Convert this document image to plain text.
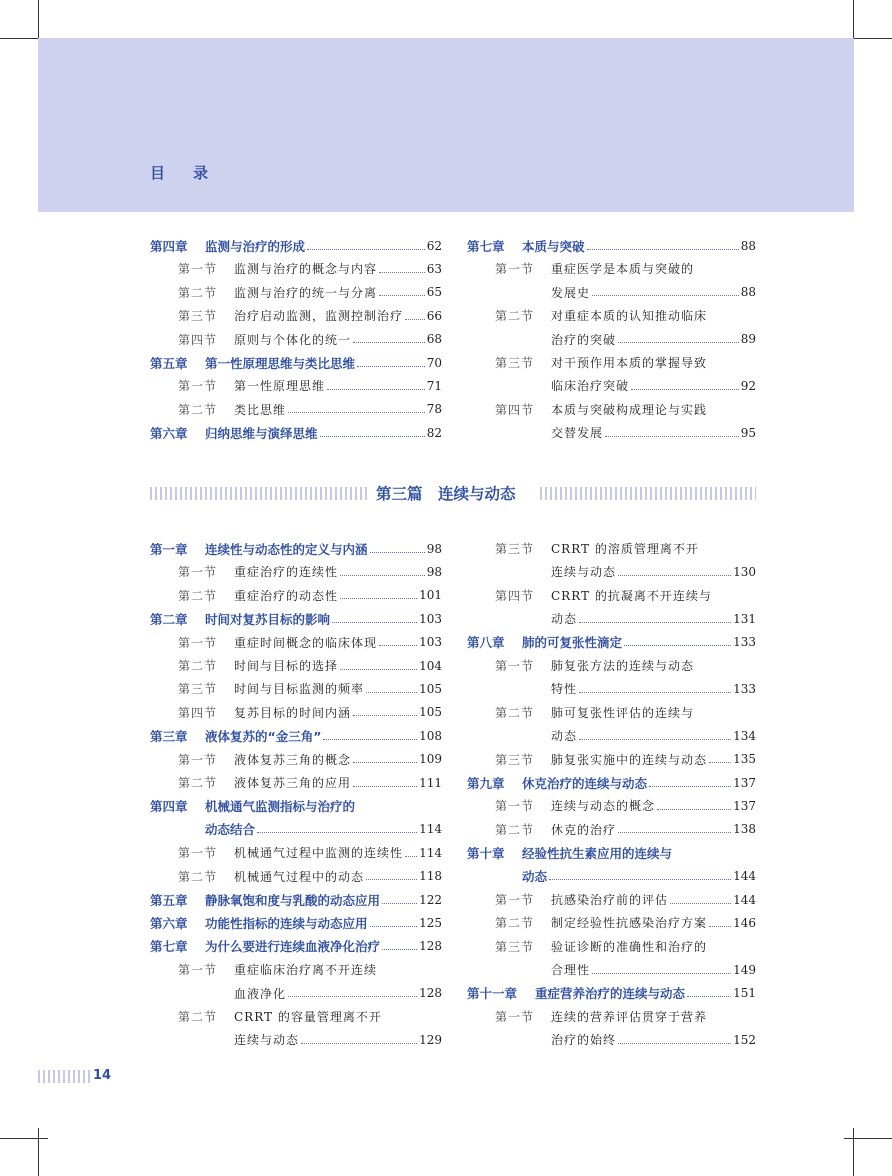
目 录
第三篇　连续与动态
14
第四章	监测与治疗的形成	62
第一节	监测与治疗的概念与内容	63
第二节	监测与治疗的统一与分离	65
第三节	治疗启动监测，监测控制治疗 66
第四节	原则与个体化的统一	68
第五章	第一性原理思维与类比思维	70
第一节	第一性原理思维	71
第二节	类比思维	78
第六章	归纳思维与演绎思维	82
第七章	本质与突破	88
第一节	重症医学是本质与突破的
发展史	88
第二节	对重症本质的认知推动临床
治疗的突破	89
第三节	对干预作用本质的掌握导致
临床治疗突破	92
第四节	本质与突破构成理论与实践
交替发展	95
第一章	连续性与动态性的定义与内涵	98
第一节	重症治疗的连续性	98
第二节	重症治疗的动态性	101
第二章	时间对复苏目标的影响	103
第一节	重症时间概念的临床体现	103
第二节	时间与目标的选择	104
第三节	时间与目标监测的频率	105
第四节	复苏目标的时间内涵	105
第三章	液体复苏的“金三角”	108
第一节	液体复苏三角的概念	109
第二节	液体复苏三角的应用	111
第四章	机械通气监测指标与治疗的
动态结合	114
第一节	机械通气过程中监测的连续性 114
第二节	机械通气过程中的动态	118
第五章	静脉氧饱和度与乳酸的动态应用	122
第六章	功能性指标的连续与动态应用	125
第七章	为什么要进行连续血液净化治疗	128
第一节	重症临床治疗离不开连续
血液净化	128
第二节	CRRT 的容量管理离不开
连续与动态	129
第三节	CRRT 的溶质管理离不开
连续与动态	130
第四节	CRRT 的抗凝离不开连续与
动态	131
第八章	肺的可复张性滴定	133
第一节	肺复张方法的连续与动态
特性	133
第二节	肺可复张性评估的连续与
动态	134
第三节	肺复张实施中的连续与动态 135
第九章	休克治疗的连续与动态	137
第一节	连续与动态的概念	137
第二节	休克的治疗	138
第十章	经验性抗生素应用的连续与
动态	144
第一节	抗感染治疗前的评估	144
第二节	制定经验性抗感染治疗方案 146
第三节	验证诊断的准确性和治疗的
合理性	149
第十一章	重症营养治疗的连续与动态	151
第一节	连续的营养评估贯穿于营养
治疗的始终	152
